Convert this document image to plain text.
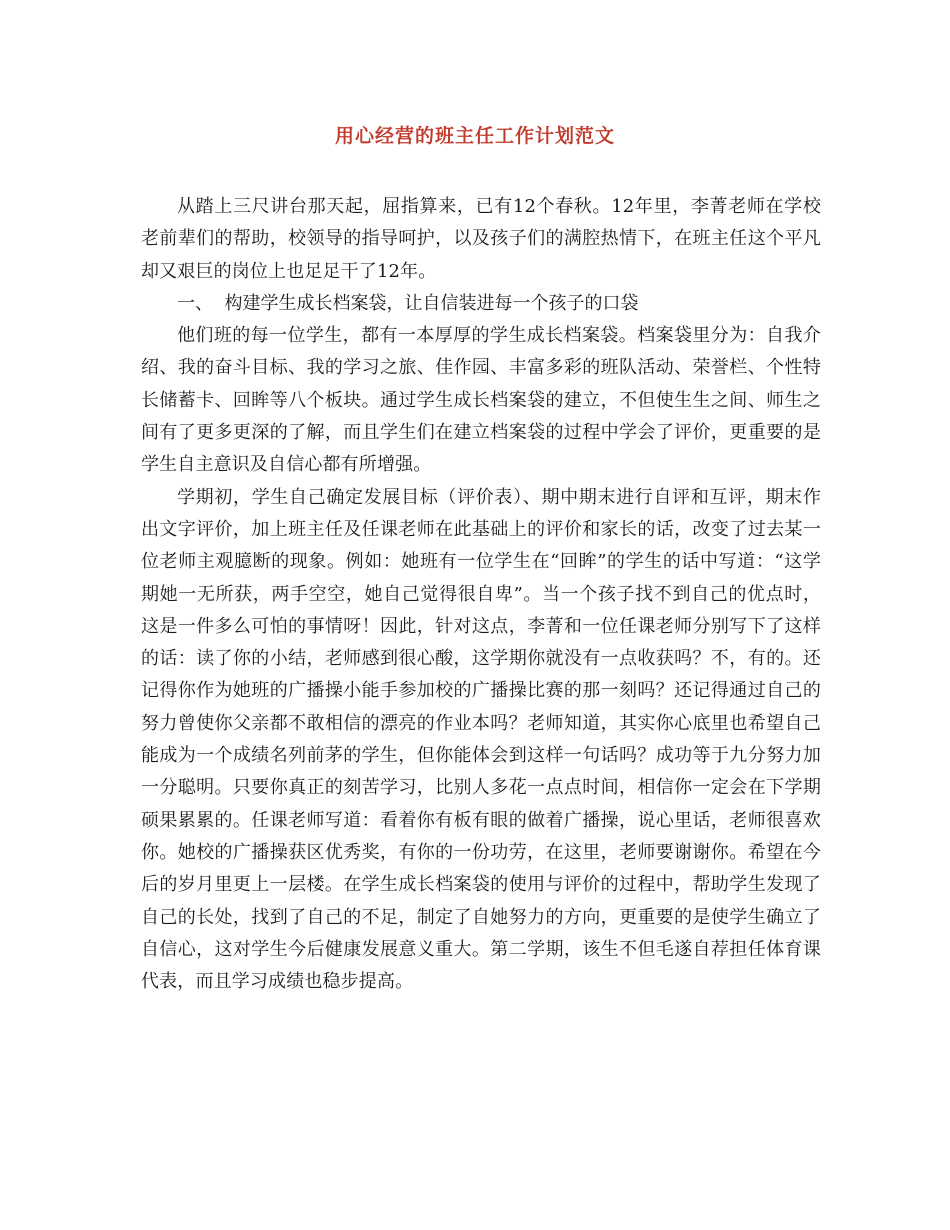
用心经营的班主任工作计划范文

从踏上三尺讲台那天起，屈指算来，已有12个春秋。12年里，李菁老师在学校老前辈们的帮助，校领导的指导呵护，以及孩子们的满腔热情下，在班主任这个平凡却又艰巨的岗位上也足足干了12年。

一、  构建学生成长档案袋，让自信装进每一个孩子的口袋

他们班的每一位学生，都有一本厚厚的学生成长档案袋。档案袋里分为：自我介绍、我的奋斗目标、我的学习之旅、佳作园、丰富多彩的班队活动、荣誉栏、个性特长储蓄卡、回眸等八个板块。通过学生成长档案袋的建立，不但使生生之间、师生之间有了更多更深的了解，而且学生们在建立档案袋的过程中学会了评价，更重要的是学生自主意识及自信心都有所增强。

学期初，学生自己确定发展目标（评价表）、期中期末进行自评和互评，期末作出文字评价，加上班主任及任课老师在此基础上的评价和家长的话，改变了过去某一位老师主观臆断的现象。例如：她班有一位学生在“回眸”的学生的话中写道：“这学期她一无所获，两手空空，她自己觉得很自卑”。当一个孩子找不到自己的优点时，这是一件多么可怕的事情呀！因此，针对这点，李菁和一位任课老师分别写下了这样的话：读了你的小结，老师感到很心酸，这学期你就没有一点收获吗？不，有的。还记得你作为她班的广播操小能手参加校的广播操比赛的那一刻吗？还记得通过自己的努力曾使你父亲都不敢相信的漂亮的作业本吗？老师知道，其实你心底里也希望自己能成为一个成绩名列前茅的学生，但你能体会到这样一句话吗？成功等于九分努力加一分聪明。只要你真正的刻苦学习，比别人多花一点点时间，相信你一定会在下学期硕果累累的。任课老师写道：看着你有板有眼的做着广播操，说心里话，老师很喜欢你。她校的广播操获区优秀奖，有你的一份功劳，在这里，老师要谢谢你。希望在今后的岁月里更上一层楼。在学生成长档案袋的使用与评价的过程中，帮助学生发现了自己的长处，找到了自己的不足，制定了自她努力的方向，更重要的是使学生确立了自信心，这对学生今后健康发展意义重大。第二学期，该生不但毛遂自荐担任体育课代表，而且学习成绩也稳步提高。
